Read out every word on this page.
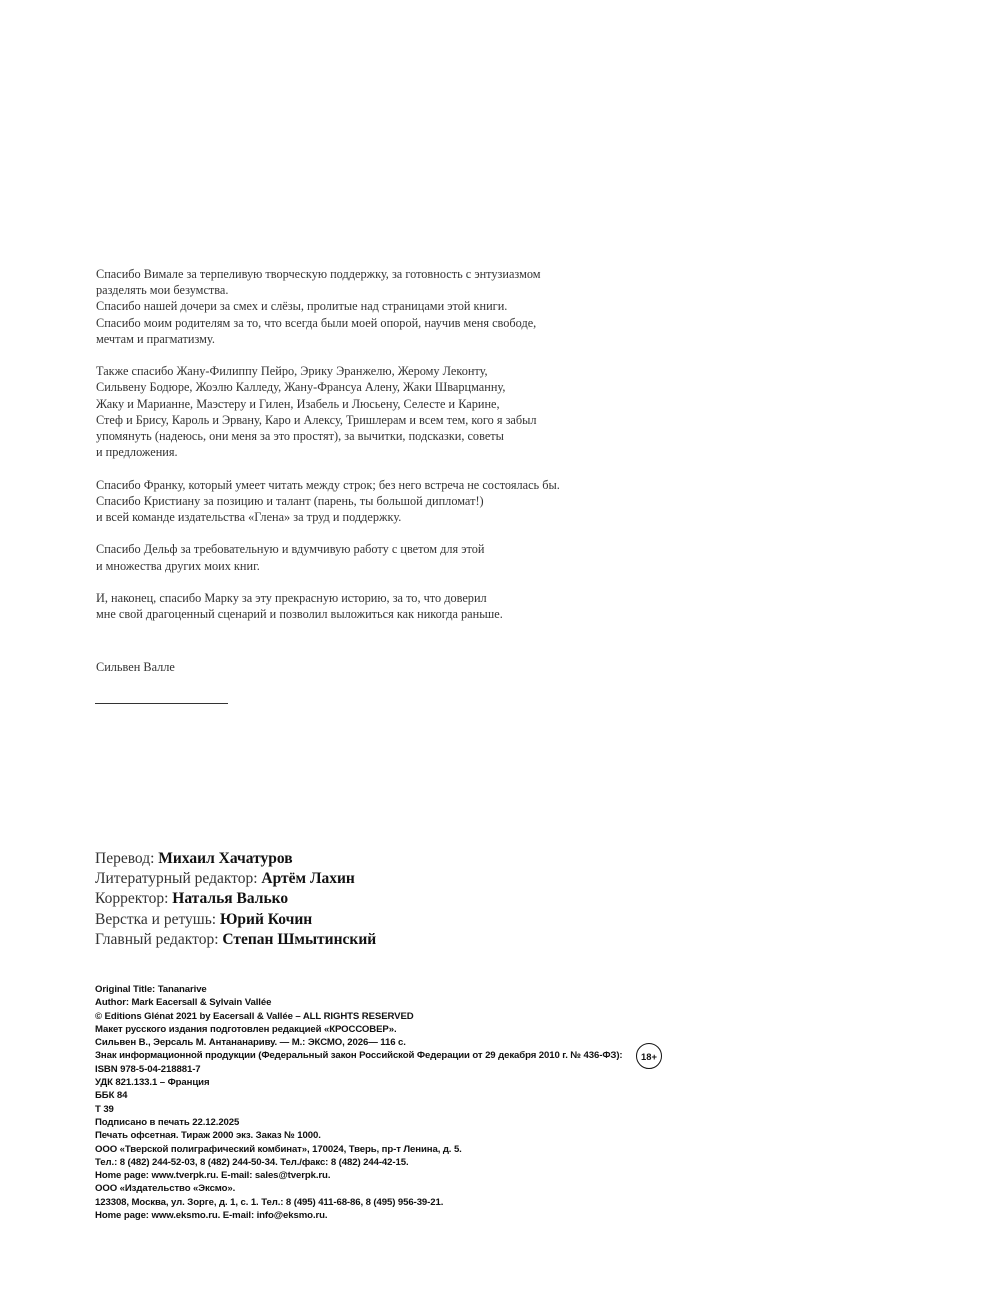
Спасибо Вимале за терпеливую творческую поддержку, за готовность с энтузиазмом
разделять мои безумства.
Спасибо нашей дочери за смех и слёзы, пролитые над страницами этой книги.
Спасибо моим родителям за то, что всегда были моей опорой, научив меня свободе,
мечтам и прагматизму.

Также спасибо Жану-Филиппу Пейро, Эрику Эранжелю, Жерому Леконту,
Сильвену Бодюре, Жоэлю Калледу, Жану-Франсуа Алену, Жаки Шварцманну,
Жаку и Марианне, Маэстеру и Гилен, Изабель и Люсьену, Селесте и Карине,
Стеф и Брису, Кароль и Эрвану, Каро и Алексу, Тришлерам и всем тем, кого я забыл
упомянуть (надеюсь, они меня за это простят), за вычитки, подсказки, советы
и предложения.

Спасибо Франку, который умеет читать между строк; без него встреча не состоялась бы.
Спасибо Кристиану за позицию и талант (парень, ты большой дипломат!)
и всей команде издательства «Глена» за труд и поддержку.

Спасибо Дельф за требовательную и вдумчивую работу с цветом для этой
и множества других моих книг.

И, наконец, спасибо Марку за эту прекрасную историю, за то, что доверил
мне свой драгоценный сценарий и позволил выложиться как никогда раньше.

Сильвен Валле
Перевод: Михаил Хачатуров
Литературный редактор: Артём Лахин
Корректор: Наталья Валько
Верстка и ретушь: Юрий Кочин
Главный редактор: Степан Шмытинский
Original Title: Tananarive
Author: Mark Eacersall & Sylvain Vallée
© Editions Glénat 2021 by Eacersall & Vallée – ALL RIGHTS RESERVED
Макет русского издания подготовлен редакцией «КРОССОВЕР».
Сильвен В., Эерсаль М. Антананариву. — М.: ЭКСМО, 2026— 116 с.
Знак информационной продукции (Федеральный закон Российской Федерации от 29 декабря 2010 г. № 436-ФЗ):
ISBN 978-5-04-218881-7
УДК 821.133.1 – Франция
ББК 84
Т 39
Подписано в печать 22.12.2025
Печать офсетная. Тираж 2000 экз. Заказ № 1000.
ООО «Тверской полиграфический комбинат», 170024, Тверь, пр-т Ленина, д. 5.
Тел.: 8 (482) 244-52-03, 8 (482) 244-50-34. Тел./факс: 8 (482) 244-42-15.
Home page: www.tverpk.ru. E-mail: sales@tverpk.ru.
ООО «Издательство «Эксмо».
123308, Москва, ул. Зорге, д. 1, с. 1. Тел.: 8 (495) 411-68-86, 8 (495) 956-39-21.
Home page: www.eksmo.ru. E-mail: info@eksmo.ru.
18+
